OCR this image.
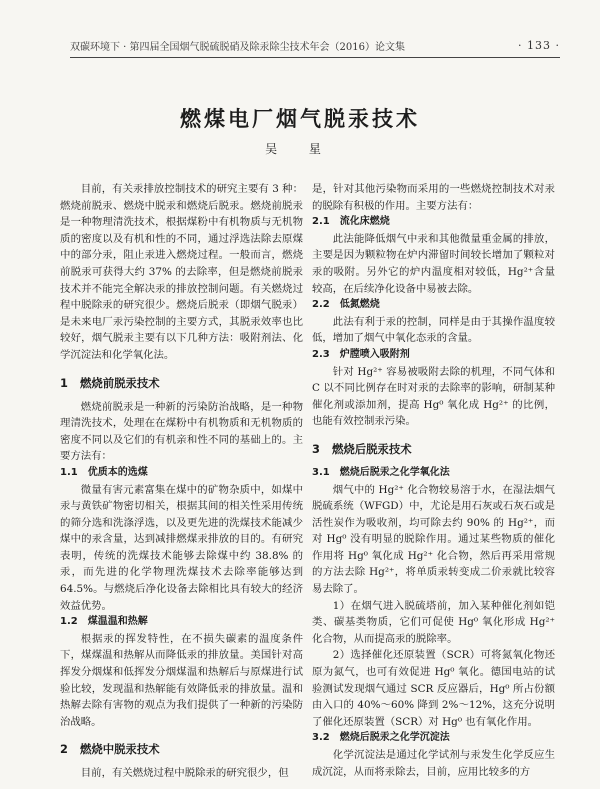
双碳环境下 · 第四届全国烟气脱硫脱硝及除汞除尘技术年会（2016）论文集	· 133 ·
燃煤电厂烟气脱汞技术
吴 星

目前，有关汞排放控制技术的研究主要有 3 种：燃烧前脱汞、燃烧中脱汞和燃烧后脱汞。燃烧前脱汞是一种物理清洗技术，根据煤粉中有机物质与无机物质的密度以及有机和性的不同，通过浮选法除去原煤中的部分汞，阻止汞进入燃烧过程。一般而言，燃烧前脱汞可获得大约 37% 的去除率，但是燃烧前脱汞技术并不能完全解决汞的排放控制问题。有关燃烧过程中脱除汞的研究很少。燃烧后脱汞（即烟气脱汞）是未来电厂汞污染控制的主要方式，其脱汞效率也比较好，烟气脱汞主要有以下几种方法：吸附剂法、化学沉淀法和化学氧化法。

1 燃烧前脱汞技术

燃烧前脱汞是一种新的污染防治战略，是一种物理清洗技术，处理在在煤粉中有机物质和无机物质的密度不同以及它们的有机亲和性不同的基础上的。主要方法有：

1.1 优质本的选煤

微量有害元素富集在煤中的矿物杂质中，如煤中汞与黄铁矿物密切相关，根据其间的相关性采用传统的筛分选和洗涤浮选，以及更先进的洗煤技术能减少煤中的汞含量，达到减排燃煤汞排放的目的。有研究表明，传统的洗煤技术能够去除煤中约 38.8% 的汞，而先进的化学物理洗煤技术去除率能够达到 64.5%。与燃烧后净化设备去除相比具有较大的经济效益优势。

1.2 煤温温和热解

根据汞的挥发特性，在不损失碳素的温度条件下，煤煤温和热解从而降低汞的排放量。美国针对高挥发分烟煤和低挥发分烟煤温和热解后与原煤进行试验比较，发现温和热解能有效降低汞的排放量。温和热解去除有害物的观点为我们提供了一种新的污染防治战略。

2 燃烧中脱汞技术

目前，有关燃烧过程中脱除汞的研究很少，但

是，针对其他污染物而采用的一些燃烧控制技术对汞的脱除有积极的作用。主要方法有：

2.1 流化床燃烧

此法能降低烟气中汞和其他微量重金属的排放，主要是因为颗粒物在炉内滞留时间较长增加了颗粒对汞的吸附。另外它的炉内温度相对较低，Hg²⁺含量较高，在后续净化设备中易被去除。

2.2 低氮燃烧

此法有利于汞的控制，同样是由于其操作温度较低，增加了烟气中氧化态汞的含量。

2.3 炉膛喷入吸附剂

针对 Hg²⁺ 容易被吸附去除的机理，不同气体和 C 以不同比例存在时对汞的去除率的影响，研制某种催化剂或添加剂，提高 Hg⁰ 氧化成 Hg²⁺ 的比例，也能有效控制汞污染。

3 燃烧后脱汞技术
3.1 燃烧后脱汞之化学氧化法

烟气中的 Hg²⁺ 化合物较易溶于水，在湿法烟气脱硫系统（WFGD）中，尤论是用石灰或石灰石或是活性炭作为吸收剂，均可除去约 90% 的 Hg²⁺，而对 Hg⁰ 没有明显的脱除作用。通过某些物质的催化作用将 Hg⁰ 氧化成 Hg²⁺ 化合物，然后再采用常规的方法去除 Hg²⁺，将单质汞转变成二价汞就比较容易去除了。

1）在烟气进入脱硫塔前，加入某种催化剂如铠类、碳基类物质，它们可促使 Hg⁰ 氧化形成 Hg²⁺ 化合物，从而提高汞的脱除率。

2）选择催化还原装置（SCR）可将氮氧化物还原为氮气，也可有效促进 Hg⁰ 氧化。德国电站的试验测试发现烟气通过 SCR 反应器后，Hg⁰ 所占份额由入口的 40%～60% 降到 2%～12%，这充分说明了催化还原装置（SCR）对 Hg⁰ 也有氧化作用。

3.2 燃烧后脱汞之化学沉淀法

化学沉淀法是通过化学试剂与汞发生化学反应生成沉淀，从而将汞除去，目前，应用比较多的方
